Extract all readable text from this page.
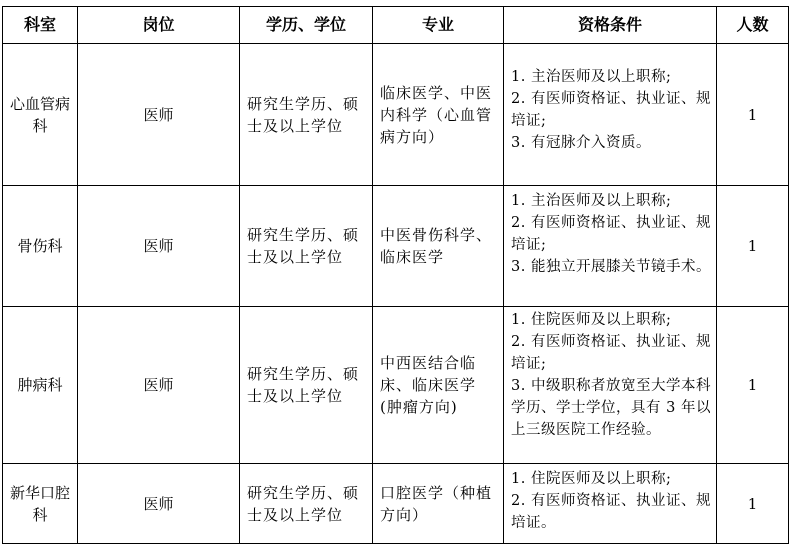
科室	岗位	学历、学位	专业	资格条件	人数
心血管病科	医师	研究生学历、硕士及以上学位	临床医学、中医内科学（心血管病方向）	1. 主治医师及以上职称;
2. 有医师资格证、执业证、规培证;
3. 有冠脉介入资质。	1
骨伤科	医师	研究生学历、硕士及以上学位	中医骨伤科学、临床医学	1. 主治医师及以上职称;
2. 有医师资格证、执业证、规培证;
3. 能独立开展膝关节镜手术。	1
肿病科	医师	研究生学历、硕士及以上学位	中西医结合临床、临床医学(肿瘤方向)	1. 住院医师及以上职称;
2. 有医师资格证、执业证、规培证;
3. 中级职称者放宽至大学本科学历、学士学位，具有 3 年以上三级医院工作经验。	1
新华口腔科	医师	研究生学历、硕士及以上学位	口腔医学（种植方向）	1. 住院医师及以上职称;
2. 有医师资格证、执业证、规培证。	1
